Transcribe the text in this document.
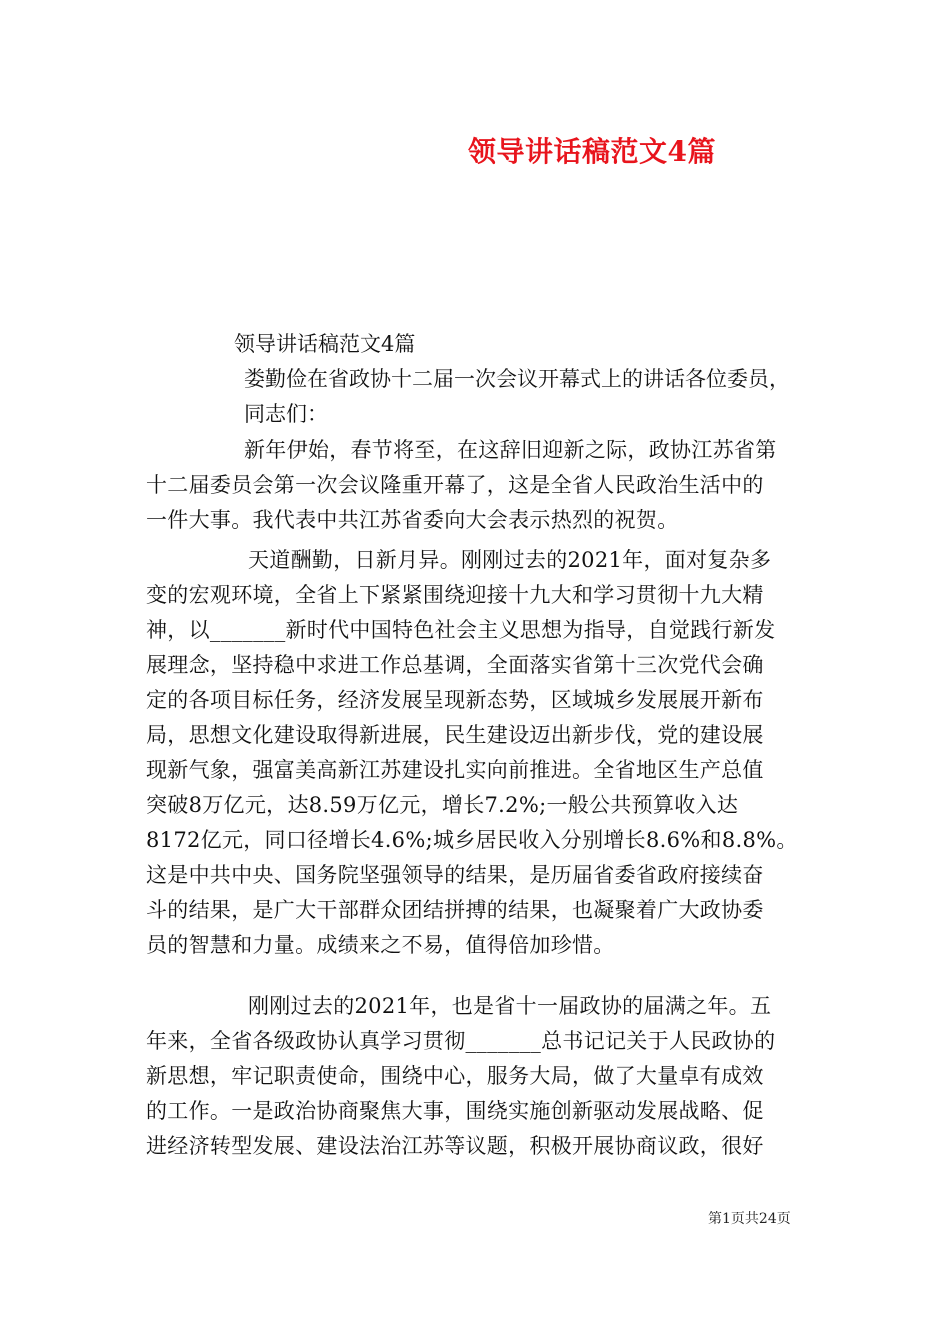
领导讲话稿范文4篇
领导讲话稿范文4篇
娄勤俭在省政协十二届一次会议开幕式上的讲话各位委员，
同志们：
新年伊始，春节将至，在这辞旧迎新之际，政协江苏省第
十二届委员会第一次会议隆重开幕了，这是全省人民政治生活中的
一件大事。我代表中共江苏省委向大会表示热烈的祝贺。
天道酬勤，日新月异。刚刚过去的2021年，面对复杂多
变的宏观环境，全省上下紧紧围绕迎接十九大和学习贯彻十九大精
神，以_______新时代中国特色社会主义思想为指导，自觉践行新发
展理念，坚持稳中求进工作总基调，全面落实省第十三次党代会确
定的各项目标任务，经济发展呈现新态势，区域城乡发展展开新布
局，思想文化建设取得新进展，民生建设迈出新步伐，党的建设展
现新气象，强富美高新江苏建设扎实向前推进。全省地区生产总值
突破8万亿元，达8.59万亿元，增长7.2%;一般公共预算收入达
8172亿元，同口径增长4.6%;城乡居民收入分别增长8.6%和8.8%。
这是中共中央、国务院坚强领导的结果，是历届省委省政府接续奋
斗的结果，是广大干部群众团结拼搏的结果，也凝聚着广大政协委
员的智慧和力量。成绩来之不易，值得倍加珍惜。
刚刚过去的2021年，也是省十一届政协的届满之年。五
年来，全省各级政协认真学习贯彻_______总书记记关于人民政协的
新思想，牢记职责使命，围绕中心，服务大局，做了大量卓有成效
的工作。一是政治协商聚焦大事，围绕实施创新驱动发展战略、促
进经济转型发展、建设法治江苏等议题，积极开展协商议政，很好
第1页共24页
